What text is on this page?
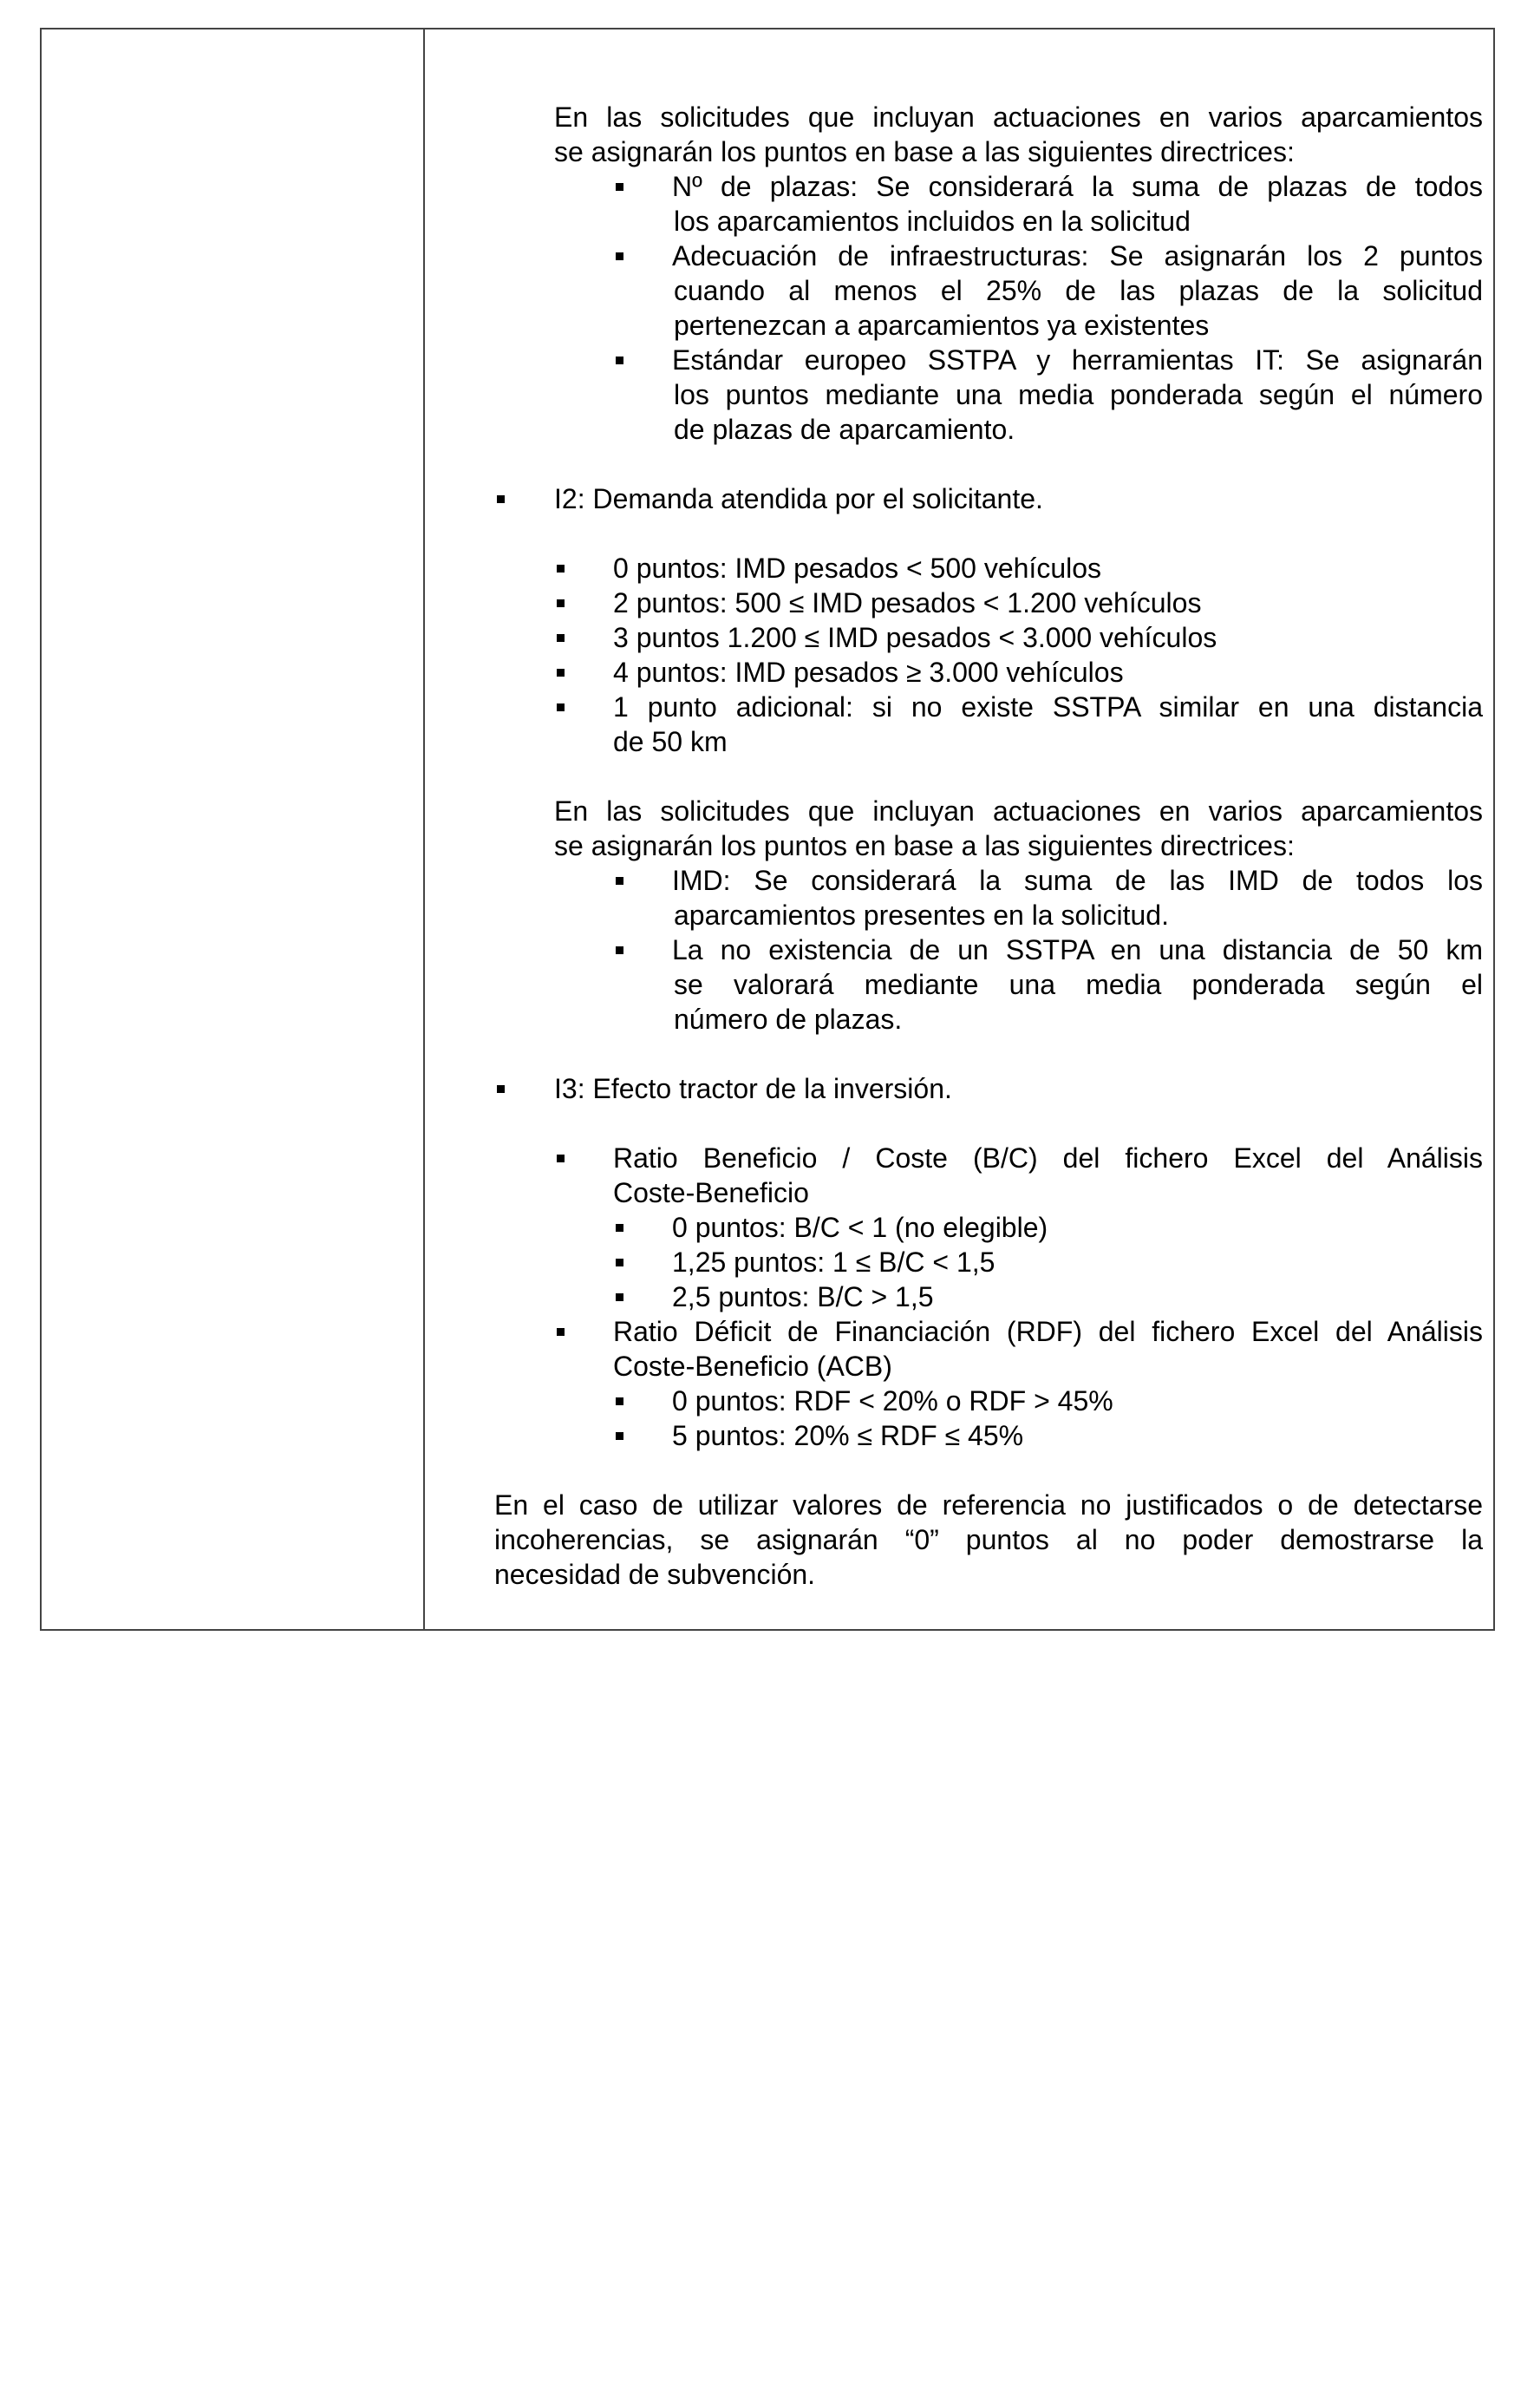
En las solicitudes que incluyan actuaciones en varios aparcamientos
se asignarán los puntos en base a las siguientes directrices:
Nº de plazas: Se considerará la suma de plazas de todos
los aparcamientos incluidos en la solicitud
Adecuación de infraestructuras: Se asignarán los 2 puntos
cuando al menos el 25% de las plazas de la solicitud
pertenezcan a aparcamientos ya existentes
Estándar europeo SSTPA y herramientas IT: Se asignarán
los puntos mediante una media ponderada según el número
de plazas de aparcamiento.
I2: Demanda atendida por el solicitante.
0 puntos: IMD pesados < 500 vehículos
2 puntos: 500 ≤ IMD pesados < 1.200 vehículos
3 puntos 1.200 ≤ IMD pesados < 3.000 vehículos
4 puntos: IMD pesados ≥ 3.000 vehículos
1 punto adicional: si no existe SSTPA similar en una distancia
de 50 km
En las solicitudes que incluyan actuaciones en varios aparcamientos
se asignarán los puntos en base a las siguientes directrices:
IMD: Se considerará la suma de las IMD de todos los
aparcamientos presentes en la solicitud.
La no existencia de un SSTPA en una distancia de 50 km
se valorará mediante una media ponderada según el
número de plazas.
I3: Efecto tractor de la inversión.
Ratio Beneficio / Coste (B/C) del fichero Excel del Análisis
Coste-Beneficio
0 puntos: B/C < 1 (no elegible)
1,25 puntos: 1 ≤ B/C < 1,5
2,5 puntos: B/C > 1,5
Ratio Déficit de Financiación (RDF) del fichero Excel del Análisis
Coste-Beneficio (ACB)
0 puntos: RDF < 20% o RDF > 45%
5 puntos: 20% ≤ RDF ≤ 45%
En el caso de utilizar valores de referencia no justificados o de detectarse
incoherencias, se asignarán “0” puntos al no poder demostrarse la
necesidad de subvención.
